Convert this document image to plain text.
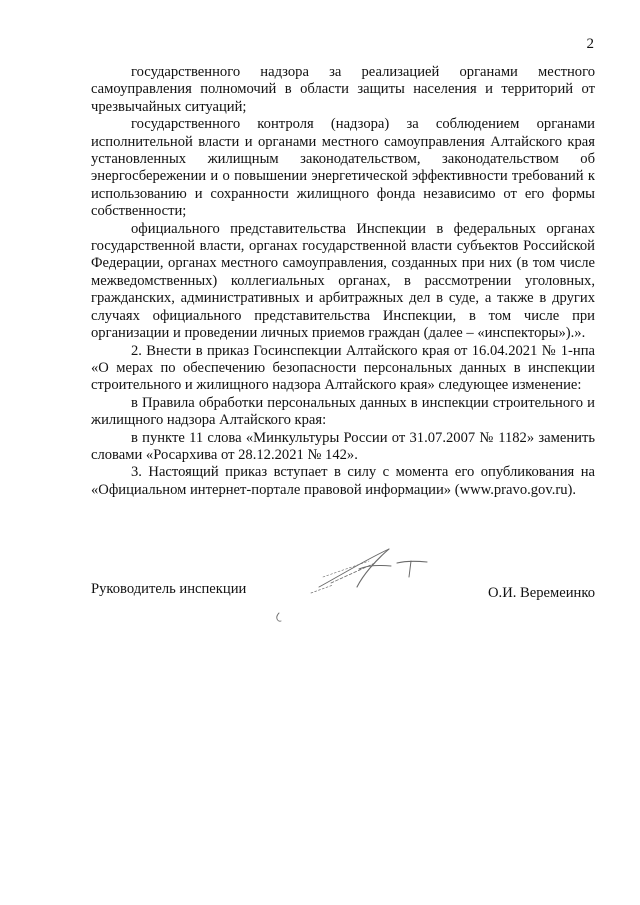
2

государственного надзора за реализацией органами местного самоуправления полномочий в области защиты населения и территорий от чрезвычайных ситуаций;

государственного контроля (надзора) за соблюдением органами исполнительной власти и органами местного самоуправления Алтайского края установленных жилищным законодательством, законодательством об энергосбережении и о повышении энергетической эффективности требований к использованию и сохранности жилищного фонда независимо от его формы собственности;

официального представительства Инспекции в федеральных органах государственной власти, органах государственной власти субъектов Российской Федерации, органах местного самоуправления, созданных при них (в том числе межведомственных) коллегиальных органах, в рассмотрении уголовных, гражданских, административных и арбитражных дел в суде, а также в других случаях официального представительства Инспекции, в том числе при организации и проведении личных приемов граждан (далее – «инспекторы»).».

2. Внести в приказ Госинспекции Алтайского края от 16.04.2021 № 1-нпа «О мерах по обеспечению безопасности персональных данных в инспекции строительного и жилищного надзора Алтайского края» следующее изменение:

в Правила обработки персональных данных в инспекции строительного и жилищного надзора Алтайского края:

в пункте 11 слова «Минкультуры России от 31.07.2007 № 1182» заменить словами «Росархива от 28.12.2021 № 142».

3. Настоящий приказ вступает в силу с момента его опубликования на «Официальном интернет-портале правовой информации» (www.pravo.gov.ru).

Руководитель инспекции	О.И. Веремеинко
